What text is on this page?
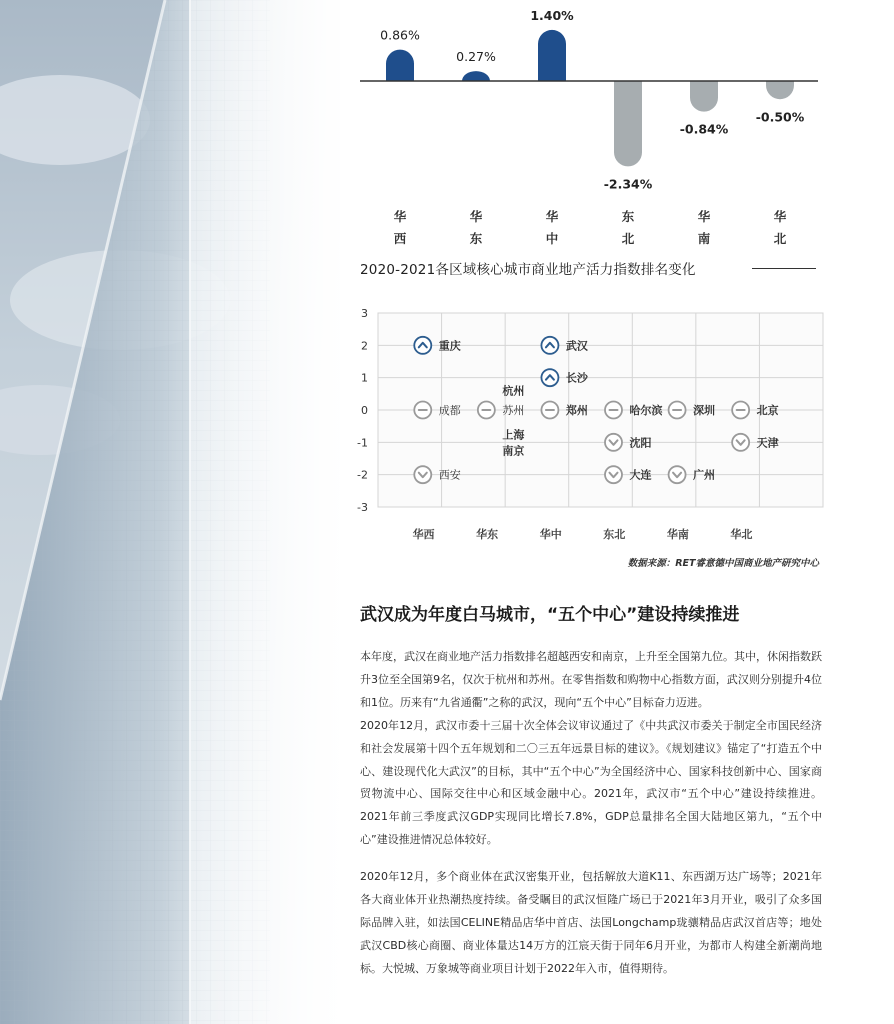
0.86%
华
西
0.27%
华
东
1.40%
华
中
-2.34%
东
北
-0.84%
华
南
-0.50%
华
北
2020-2021各区域核心城市商业地产活力指数排名变化
3
2
1
0
-1
-2
-3
华西	华东	华中	东北	华南	华北
重庆
成都
西安
苏州
武汉
长沙
郑州	哈尔滨
沈阳
大连
深圳
广州
北京
天津
杭州
上海
南京
数据来源：RET睿意德中国商业地产研究中心
武汉成为年度白马城市，“五个中心”建设持续推进

本年度，武汉在商业地产活力指数排名超越西安和南京，上升至全国第九位。其中，休闲指数跃升3位至全国第9名，仅次于杭州和苏州。在零售指数和购物中心指数方面，武汉则分别提升4位和1位。历来有“九省通衢”之称的武汉，现向“五个中心”目标奋力迈进。

2020年12月，武汉市委十三届十次全体会议审议通过了《中共武汉市委关于制定全市国民经济和社会发展第十四个五年规划和二〇三五年远景目标的建议》。《规划建议》锚定了“打造五个中心、建设现代化大武汉”的目标，其中“五个中心”为全国经济中心、国家科技创新中心、国家商贸物流中心、国际交往中心和区域金融中心。2021年，武汉市“五个中心”建设持续推进。2021年前三季度武汉GDP实现同比增长7.8%，GDP总量排名全国大陆地区第九，“五个中心”建设推进情况总体较好。

2020年12月，多个商业体在武汉密集开业，包括解放大道K11、东西湖万达广场等；2021年各大商业体开业热潮热度持续。备受瞩目的武汉恒隆广场已于2021年3月开业，吸引了众多国际品牌入驻，如法国CELINE精品店华中首店、法国Longchamp珑骧精品店武汉首店等；地处武汉CBD核心商圈、商业体量达14万方的江宸天街于同年6月开业，为都市人构建全新潮尚地标。大悦城、万象城等商业项目计划于2022年入市，值得期待。
